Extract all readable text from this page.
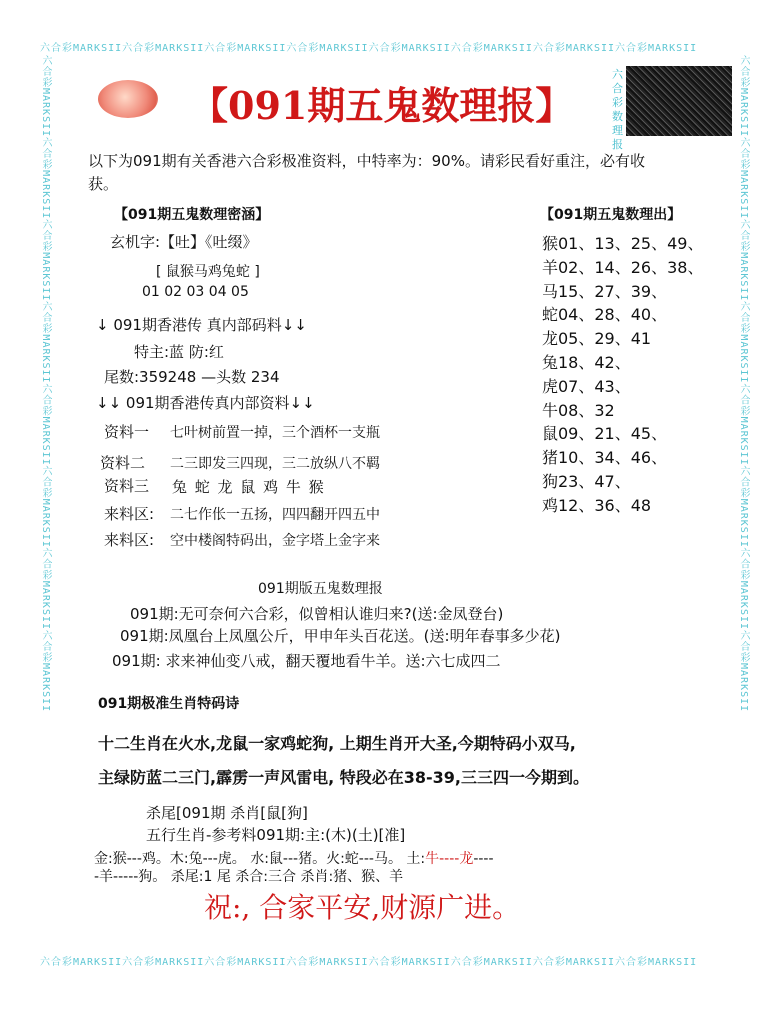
六合彩MARKSII六合彩MARKSII六合彩MARKSII六合彩MARKSII六合彩MARKSII六合彩MARKSII六合彩MARKSII六合彩MARKSII
六合彩MARKSII六合彩MARKSII六合彩MARKSII六合彩MARKSII六合彩MARKSII六合彩MARKSII六合彩MARKSII六合彩MARKSII
六合彩MARKSII六合彩MARKSII六合彩MARKSII六合彩MARKSII六合彩MARKSII六合彩MARKSII六合彩MARKSII六合彩MARKSII	六合彩MARKSII六合彩MARKSII六合彩MARKSII六合彩MARKSII六合彩MARKSII六合彩MARKSII六合彩MARKSII六合彩MARKSII
【091期五鬼数理报】
六合彩数理报
以下为091期有关香港六合彩极准资料，中特率为：90%。请彩民看好重注，必有收
获。
【091期五鬼数理密涵】
玄机字:【吐】《吐缀》
[ 鼠猴马鸡兔蛇 ]
01 02 03 04 05
↓ 091期香港传 真内部码料↓↓
特主:蓝 防:红
尾数:359248 —头数 234
↓↓ 091期香港传真内部资料↓↓
资料一 七叶树前置一掉，三个酒杯一支瓶
资料二 二三即发三四现，三二放纵八不羁
资料三 兔 蛇 龙 鼠 鸡 牛 猴
来料区: 二七作伥一五扬，四四翻开四五中
来料区: 空中楼阁特码出，金字塔上金字来
【091期五鬼数理出】
猴01、13、25、49、
羊02、14、26、38、
马15、27、39、
蛇04、28、40、
龙05、29、41
兔18、42、
虎07、43、
牛08、32
鼠09、21、45、
猪10、34、46、
狗23、47、
鸡12、36、48
091期版五鬼数理报
091期:无可奈何六合彩，似曾相认谁归来?(送:金凤登台)
091期:凤凰台上凤凰公斤，甲申年头百花送。(送:明年春事多少花)
091期: 求来神仙变八戒，翻天覆地看牛羊。送:六七成四二
091期极准生肖特码诗
十二生肖在火水,龙鼠一家鸡蛇狗, 上期生肖开大圣,今期特码小双马,
主绿防蓝二三门,霹雳一声风雷电, 特段必在38-39,三三四一今期到。
杀尾[091期 杀肖[鼠[狗]
五行生肖-参考料091期:主:(木)(土)[准]
金:猴---鸡。木:兔---虎。 水:鼠---猪。火:蛇---马。 土:牛----龙----
-羊-----狗。 杀尾:1 尾 杀合:三合 杀肖:猪、猴、羊
祝:, 合家平安,财源广进。
